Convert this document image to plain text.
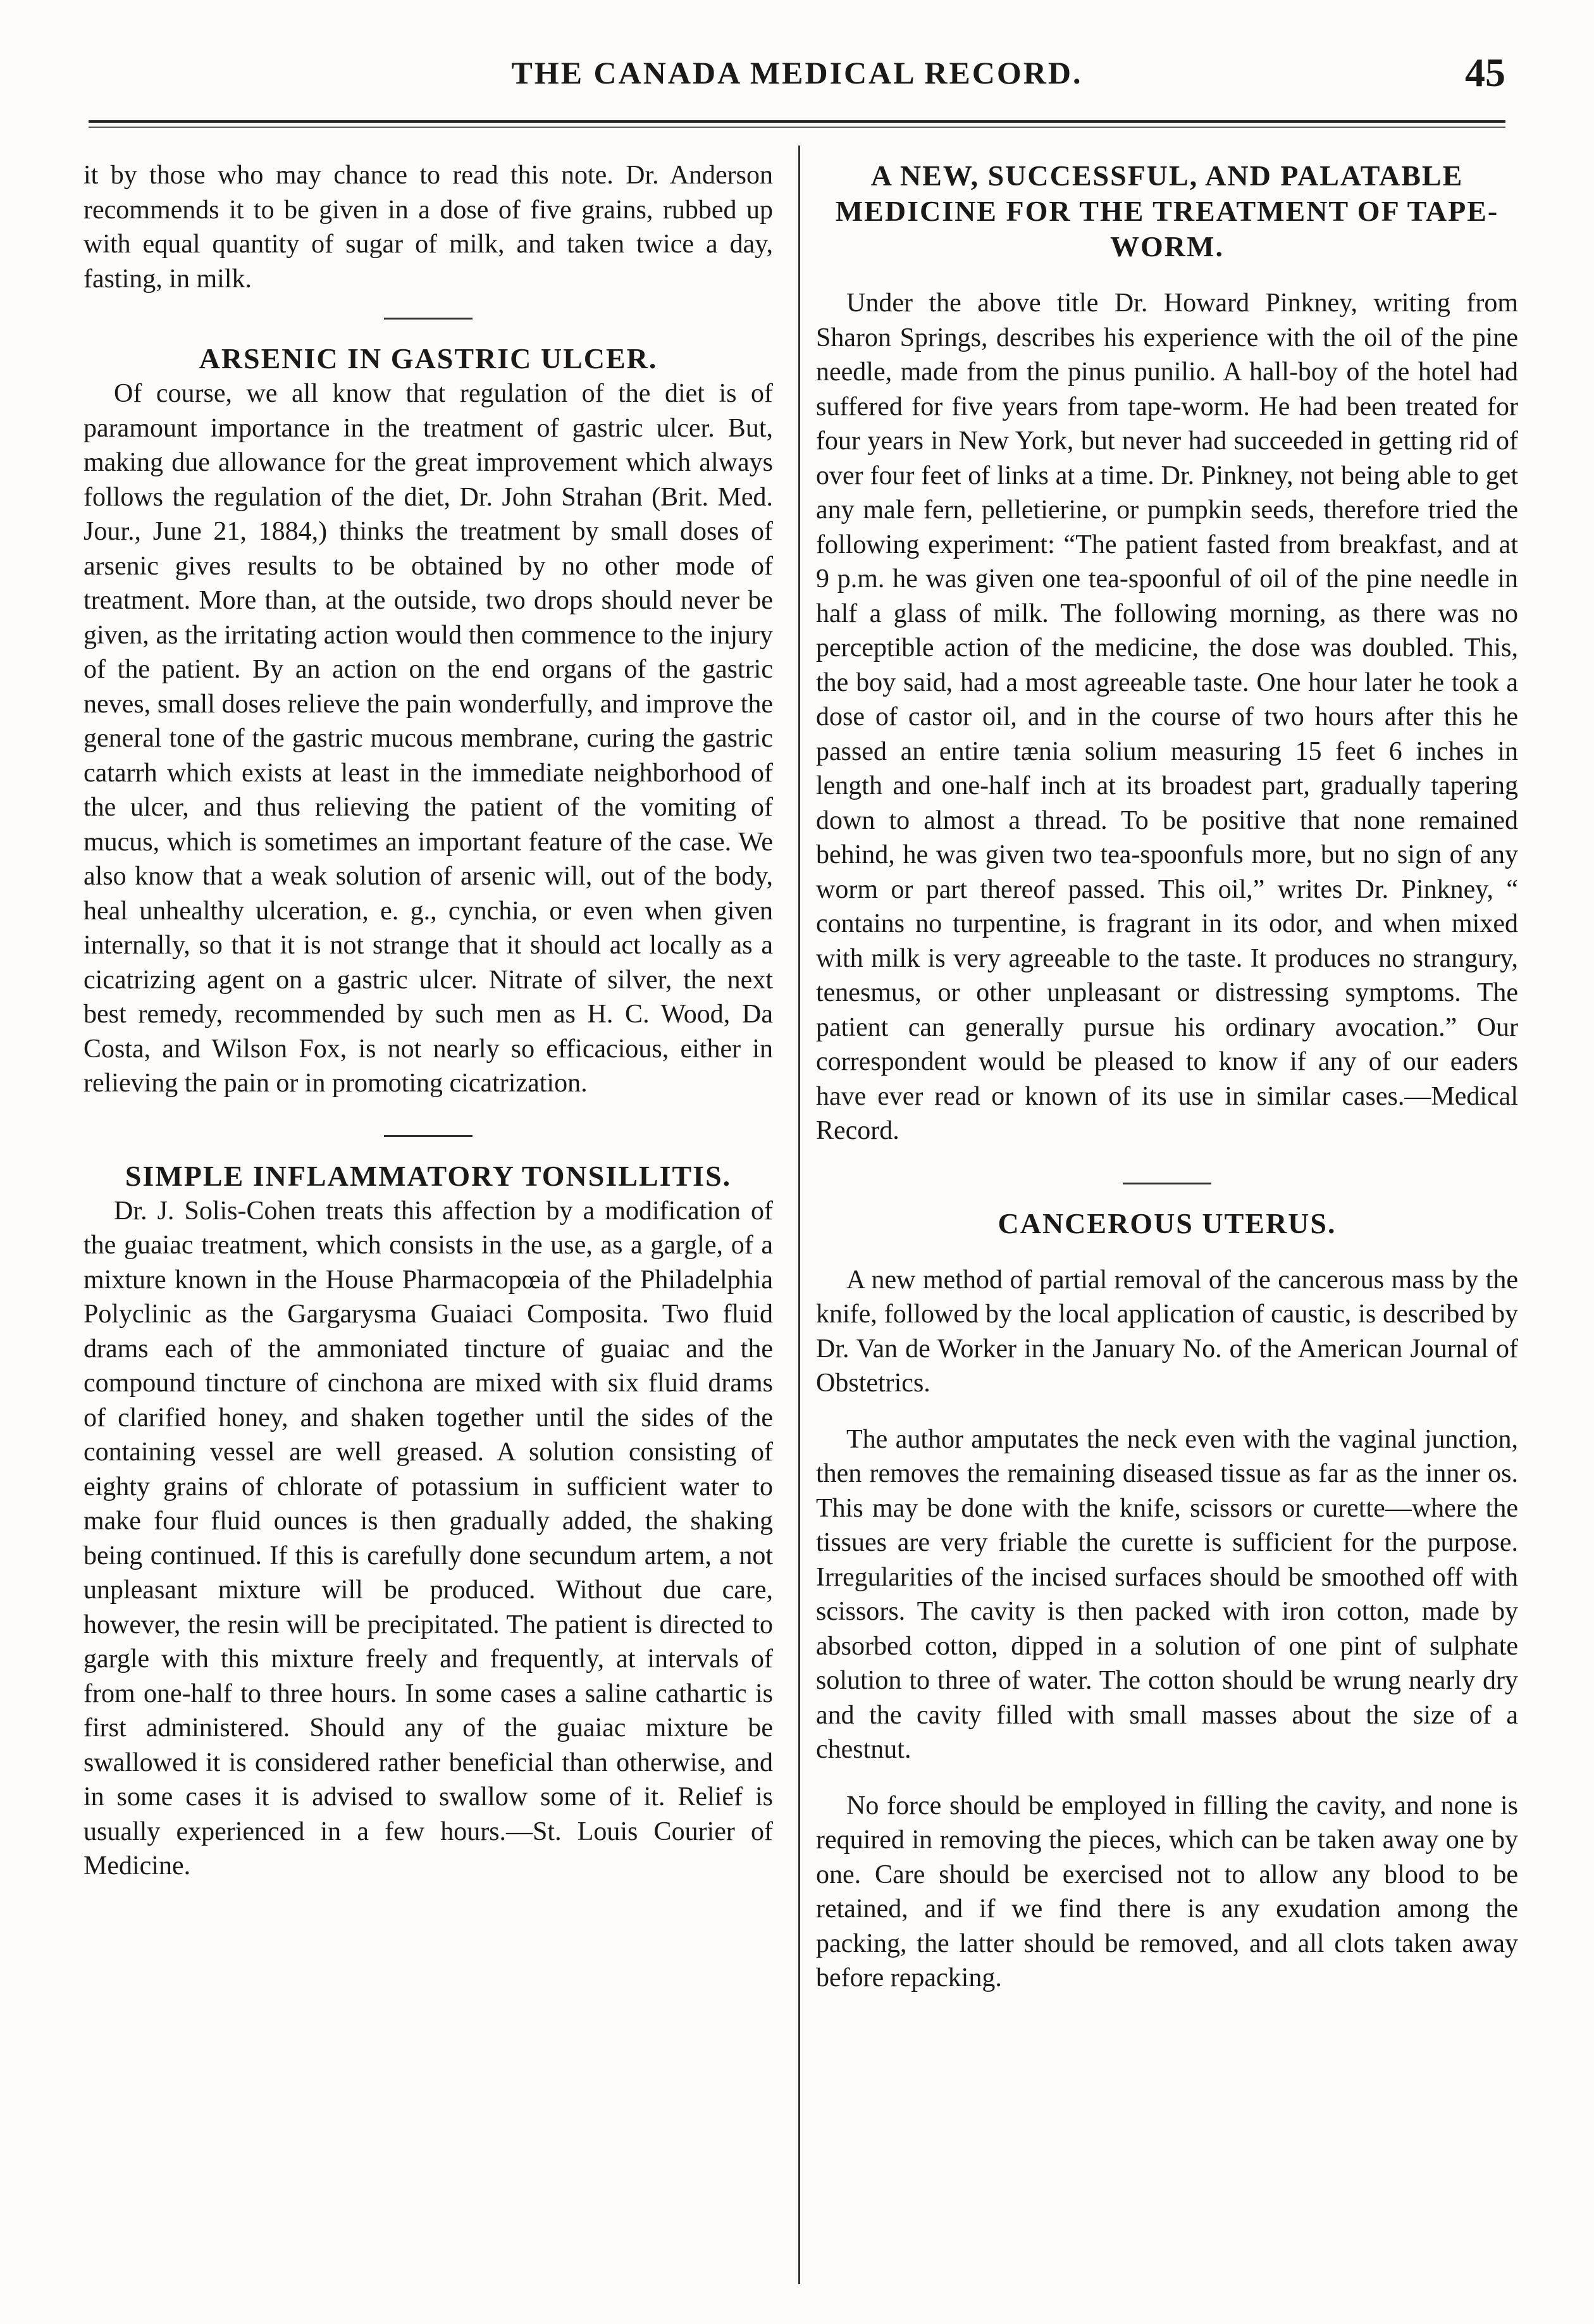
THE CANADA MEDICAL RECORD.	45

it by those who may chance to read this note. Dr. Anderson recommends it to be given in a dose of five grains, rubbed up with equal quantity of sugar of milk, and taken twice a day, fasting, in milk.

ARSENIC IN GASTRIC ULCER.

Of course, we all know that regulation of the diet is of paramount importance in the treatment of gastric ulcer. But, making due allowance for the great improvement which always follows the regulation of the diet, Dr. John Strahan (Brit. Med. Jour., June 21, 1884,) thinks the treatment by small doses of arsenic gives results to be obtained by no other mode of treatment. More than, at the outside, two drops should never be given, as the irritating action would then commence to the injury of the patient. By an action on the end organs of the gastric neves, small doses relieve the pain wonderfully, and improve the general tone of the gastric mucous membrane, curing the gastric catarrh which exists at least in the immediate neighborhood of the ulcer, and thus relieving the patient of the vomiting of mucus, which is sometimes an important feature of the case. We also know that a weak solution of arsenic will, out of the body, heal unhealthy ulceration, e. g., cynchia, or even when given internally, so that it is not strange that it should act locally as a cicatrizing agent on a gastric ulcer. Nitrate of silver, the next best remedy, recommended by such men as H. C. Wood, Da Costa, and Wilson Fox, is not nearly so efficacious, either in relieving the pain or in promoting cicatrization.

SIMPLE INFLAMMATORY TONSILLITIS.

Dr. J. Solis-Cohen treats this affection by a modification of the guaiac treatment, which consists in the use, as a gargle, of a mixture known in the House Pharmacopœia of the Philadelphia Polyclinic as the Gargarysma Guaiaci Composita. Two fluid drams each of the ammoniated tincture of guaiac and the compound tincture of cinchona are mixed with six fluid drams of clarified honey, and shaken together until the sides of the containing vessel are well greased. A solution consisting of eighty grains of chlorate of potassium in sufficient water to make four fluid ounces is then gradually added, the shaking being continued. If this is carefully done secundum artem, a not unpleasant mixture will be produced. Without due care, however, the resin will be precipitated. The patient is directed to gargle with this mixture freely and frequently, at intervals of from one-half to three hours. In some cases a saline cathartic is first administered. Should any of the guaiac mixture be swallowed it is considered rather beneficial than otherwise, and in some cases it is advised to swallow some of it. Relief is usually experienced in a few hours.—St. Louis Courier of Medicine.

A NEW, SUCCESSFUL, AND PALATABLE MEDICINE FOR THE TREATMENT OF TAPE-WORM.

Under the above title Dr. Howard Pinkney, writing from Sharon Springs, describes his experience with the oil of the pine needle, made from the pinus punilio. A hall-boy of the hotel had suffered for five years from tape-worm. He had been treated for four years in New York, but never had succeeded in getting rid of over four feet of links at a time. Dr. Pinkney, not being able to get any male fern, pelletierine, or pumpkin seeds, therefore tried the following experiment: “The patient fasted from breakfast, and at 9 p.m. he was given one tea-spoonful of oil of the pine needle in half a glass of milk. The following morning, as there was no perceptible action of the medicine, the dose was doubled. This, the boy said, had a most agreeable taste. One hour later he took a dose of castor oil, and in the course of two hours after this he passed an entire tænia solium measuring 15 feet 6 inches in length and one-half inch at its broadest part, gradually tapering down to almost a thread. To be positive that none remained behind, he was given two tea-spoonfuls more, but no sign of any worm or part thereof passed. This oil,” writes Dr. Pinkney, “ contains no turpentine, is fragrant in its odor, and when mixed with milk is very agreeable to the taste. It produces no strangury, tenesmus, or other unpleasant or distressing symptoms. The patient can generally pursue his ordinary avocation.” Our correspondent would be pleased to know if any of our eaders have ever read or known of its use in similar cases.—Medical Record.

CANCEROUS UTERUS.

A new method of partial removal of the cancerous mass by the knife, followed by the local application of caustic, is described by Dr. Van de Worker in the January No. of the American Journal of Obstetrics.

The author amputates the neck even with the vaginal junction, then removes the remaining diseased tissue as far as the inner os. This may be done with the knife, scissors or curette—where the tissues are very friable the curette is sufficient for the purpose. Irregularities of the incised surfaces should be smoothed off with scissors. The cavity is then packed with iron cotton, made by absorbed cotton, dipped in a solution of one pint of sulphate solution to three of water. The cotton should be wrung nearly dry and the cavity filled with small masses about the size of a chestnut.

No force should be employed in filling the cavity, and none is required in removing the pieces, which can be taken away one by one. Care should be exercised not to allow any blood to be retained, and if we find there is any exudation among the packing, the latter should be removed, and all clots taken away before repacking.
